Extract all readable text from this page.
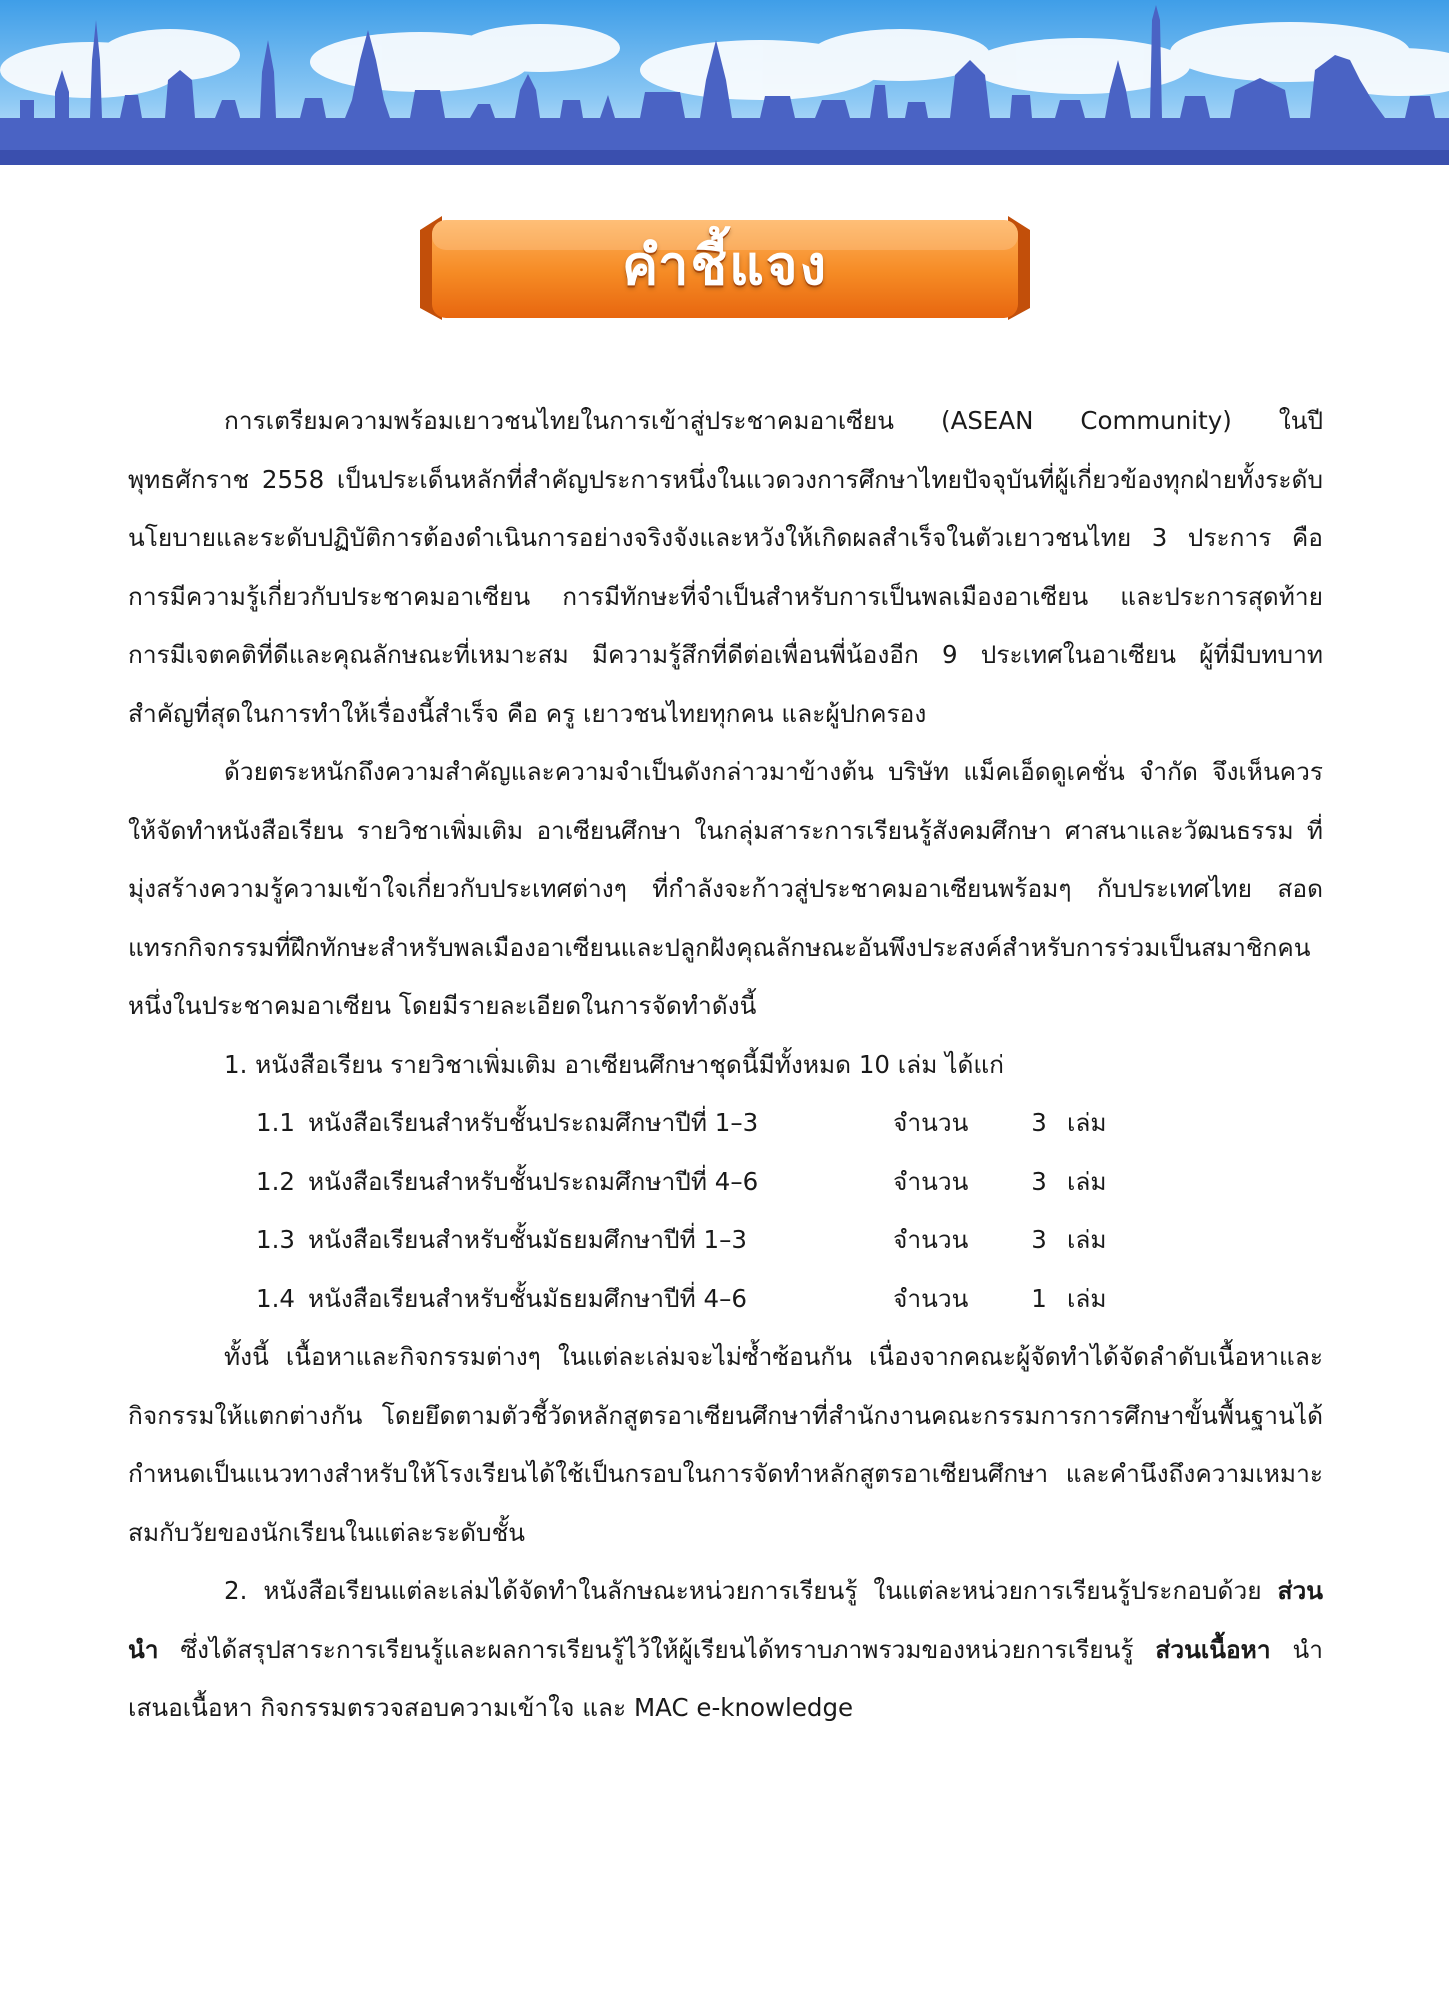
คำชี้แจง

การเตรียมความพร้อมเยาวชนไทยในการเข้าสู่ประชาคมอาเซียน (ASEAN Community) ในปีพุทธศักราช 2558 เป็นประเด็นหลักที่สำคัญประการหนึ่งในแวดวงการศึกษาไทยปัจจุบันที่ผู้เกี่ยวข้องทุกฝ่ายทั้งระดับนโยบายและระดับปฏิบัติการต้องดำเนินการอย่างจริงจังและหวังให้เกิดผลสำเร็จในตัวเยาวชนไทย 3 ประการ คือ การมีความรู้เกี่ยวกับประชาคมอาเซียน การมีทักษะที่จำเป็นสำหรับการเป็นพลเมืองอาเซียน และประการสุดท้าย การมีเจตคติที่ดีและคุณลักษณะที่เหมาะสม มีความรู้สึกที่ดีต่อเพื่อนพี่น้องอีก 9 ประเทศในอาเซียน ผู้ที่มีบทบาทสำคัญที่สุดในการทำให้เรื่องนี้สำเร็จ คือ ครู เยาวชนไทยทุกคน และผู้ปกครอง

ด้วยตระหนักถึงความสำคัญและความจำเป็นดังกล่าวมาข้างต้น บริษัท แม็คเอ็ดดูเคชั่น จำกัด จึงเห็นควรให้จัดทำหนังสือเรียน รายวิชาเพิ่มเติม อาเซียนศึกษา ในกลุ่มสาระการเรียนรู้สังคมศึกษา ศาสนาและวัฒนธรรม ที่มุ่งสร้างความรู้ความเข้าใจเกี่ยวกับประเทศต่างๆ ที่กำลังจะก้าวสู่ประชาคมอาเซียนพร้อมๆ กับประเทศไทย สอดแทรกกิจกรรมที่ฝึกทักษะสำหรับพลเมืองอาเซียนและปลูกฝังคุณลักษณะอันพึงประสงค์สำหรับการร่วมเป็นสมาชิกคนหนึ่งในประชาคมอาเซียน โดยมีรายละเอียดในการจัดทำดังนี้

1. หนังสือเรียน รายวิชาเพิ่มเติม อาเซียนศึกษาชุดนี้มีทั้งหมด 10 เล่ม ได้แก่

1.1 หนังสือเรียนสำหรับชั้นประถมศึกษาปีที่ 1–3	จำนวน	3 เล่ม
1.2 หนังสือเรียนสำหรับชั้นประถมศึกษาปีที่ 4–6	จำนวน	3 เล่ม
1.3 หนังสือเรียนสำหรับชั้นมัธยมศึกษาปีที่ 1–3	จำนวน	3 เล่ม
1.4 หนังสือเรียนสำหรับชั้นมัธยมศึกษาปีที่ 4–6	จำนวน	1 เล่ม

ทั้งนี้ เนื้อหาและกิจกรรมต่างๆ ในแต่ละเล่มจะไม่ซ้ำซ้อนกัน เนื่องจากคณะผู้จัดทำได้จัดลำดับเนื้อหาและกิจกรรมให้แตกต่างกัน โดยยึดตามตัวชี้วัดหลักสูตรอาเซียนศึกษาที่สำนักงานคณะกรรมการการศึกษาขั้นพื้นฐานได้กำหนดเป็นแนวทางสำหรับให้โรงเรียนได้ใช้เป็นกรอบในการจัดทำหลักสูตรอาเซียนศึกษา และคำนึงถึงความเหมาะสมกับวัยของนักเรียนในแต่ละระดับชั้น

2. หนังสือเรียนแต่ละเล่มได้จัดทำในลักษณะหน่วยการเรียนรู้ ในแต่ละหน่วยการเรียนรู้ประกอบด้วย ส่วนนำ ซึ่งได้สรุปสาระการเรียนรู้และผลการเรียนรู้ไว้ให้ผู้เรียนได้ทราบภาพรวมของหน่วยการเรียนรู้ ส่วนเนื้อหา นำเสนอเนื้อหา กิจกรรมตรวจสอบความเข้าใจ และ MAC e-knowledge
